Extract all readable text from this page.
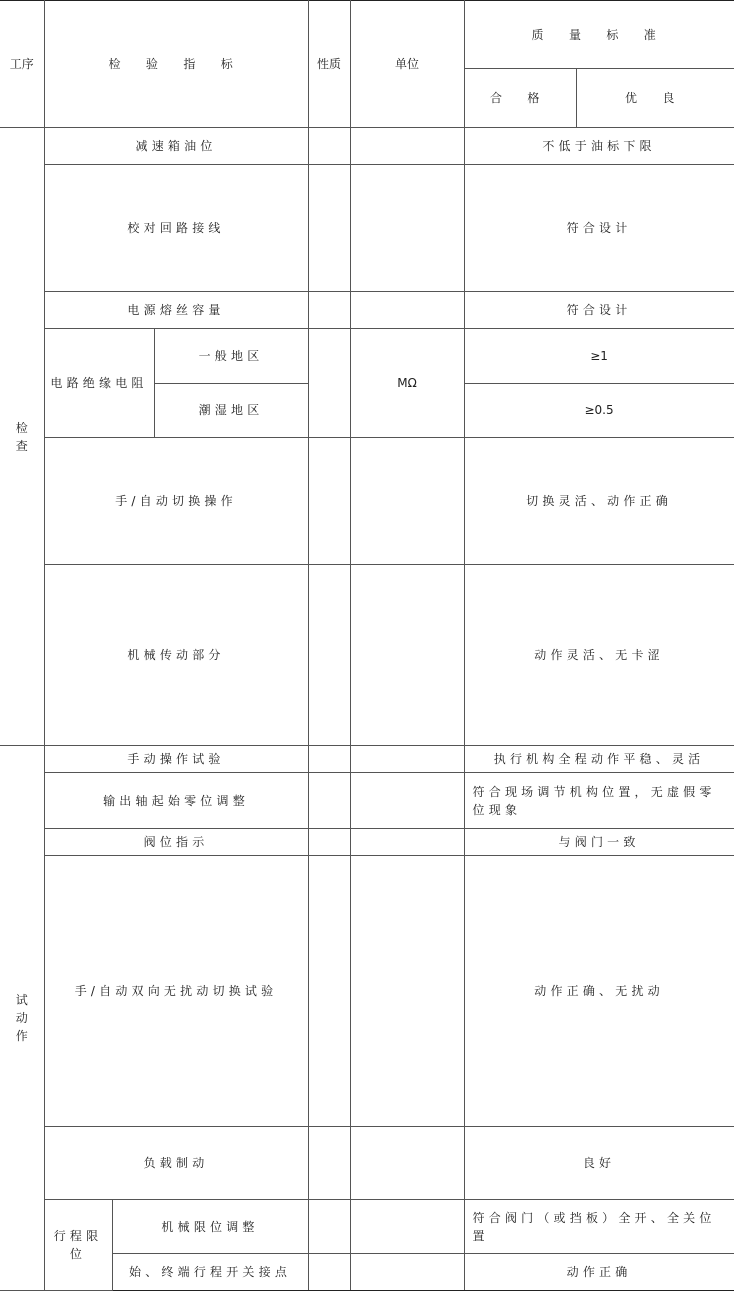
工序	检 验 指 标			性质	单位	质 量 标 准	
						合 格	优 良	
检
查	减速箱油位					不低于油标下限	
	校对回路接线					符合设计	
	电源熔丝容量					符合设计	
	电路绝缘电阻		一般地区		MΩ	≥1	
			潮湿地区			≥0.5		
	手/自动切换操作					切换灵活、动作正确	
	机械传动部分					动作灵活、无卡涩	
试
动
作	手动操作试验					执行机构全程动作平稳、灵活	
	输出轴起始零位调整					符合现场调节机构位置，无虚假零位现象		
	阀位指示					与阀门一致		
	手/自动双向无扰动切换试验					动作正确、无扰动	
	负载制动					良好	
	行程限位	机械限位调整				符合阀门（或挡板）全开、全关位置	
		始、终端行程开关接点				动作正确	
